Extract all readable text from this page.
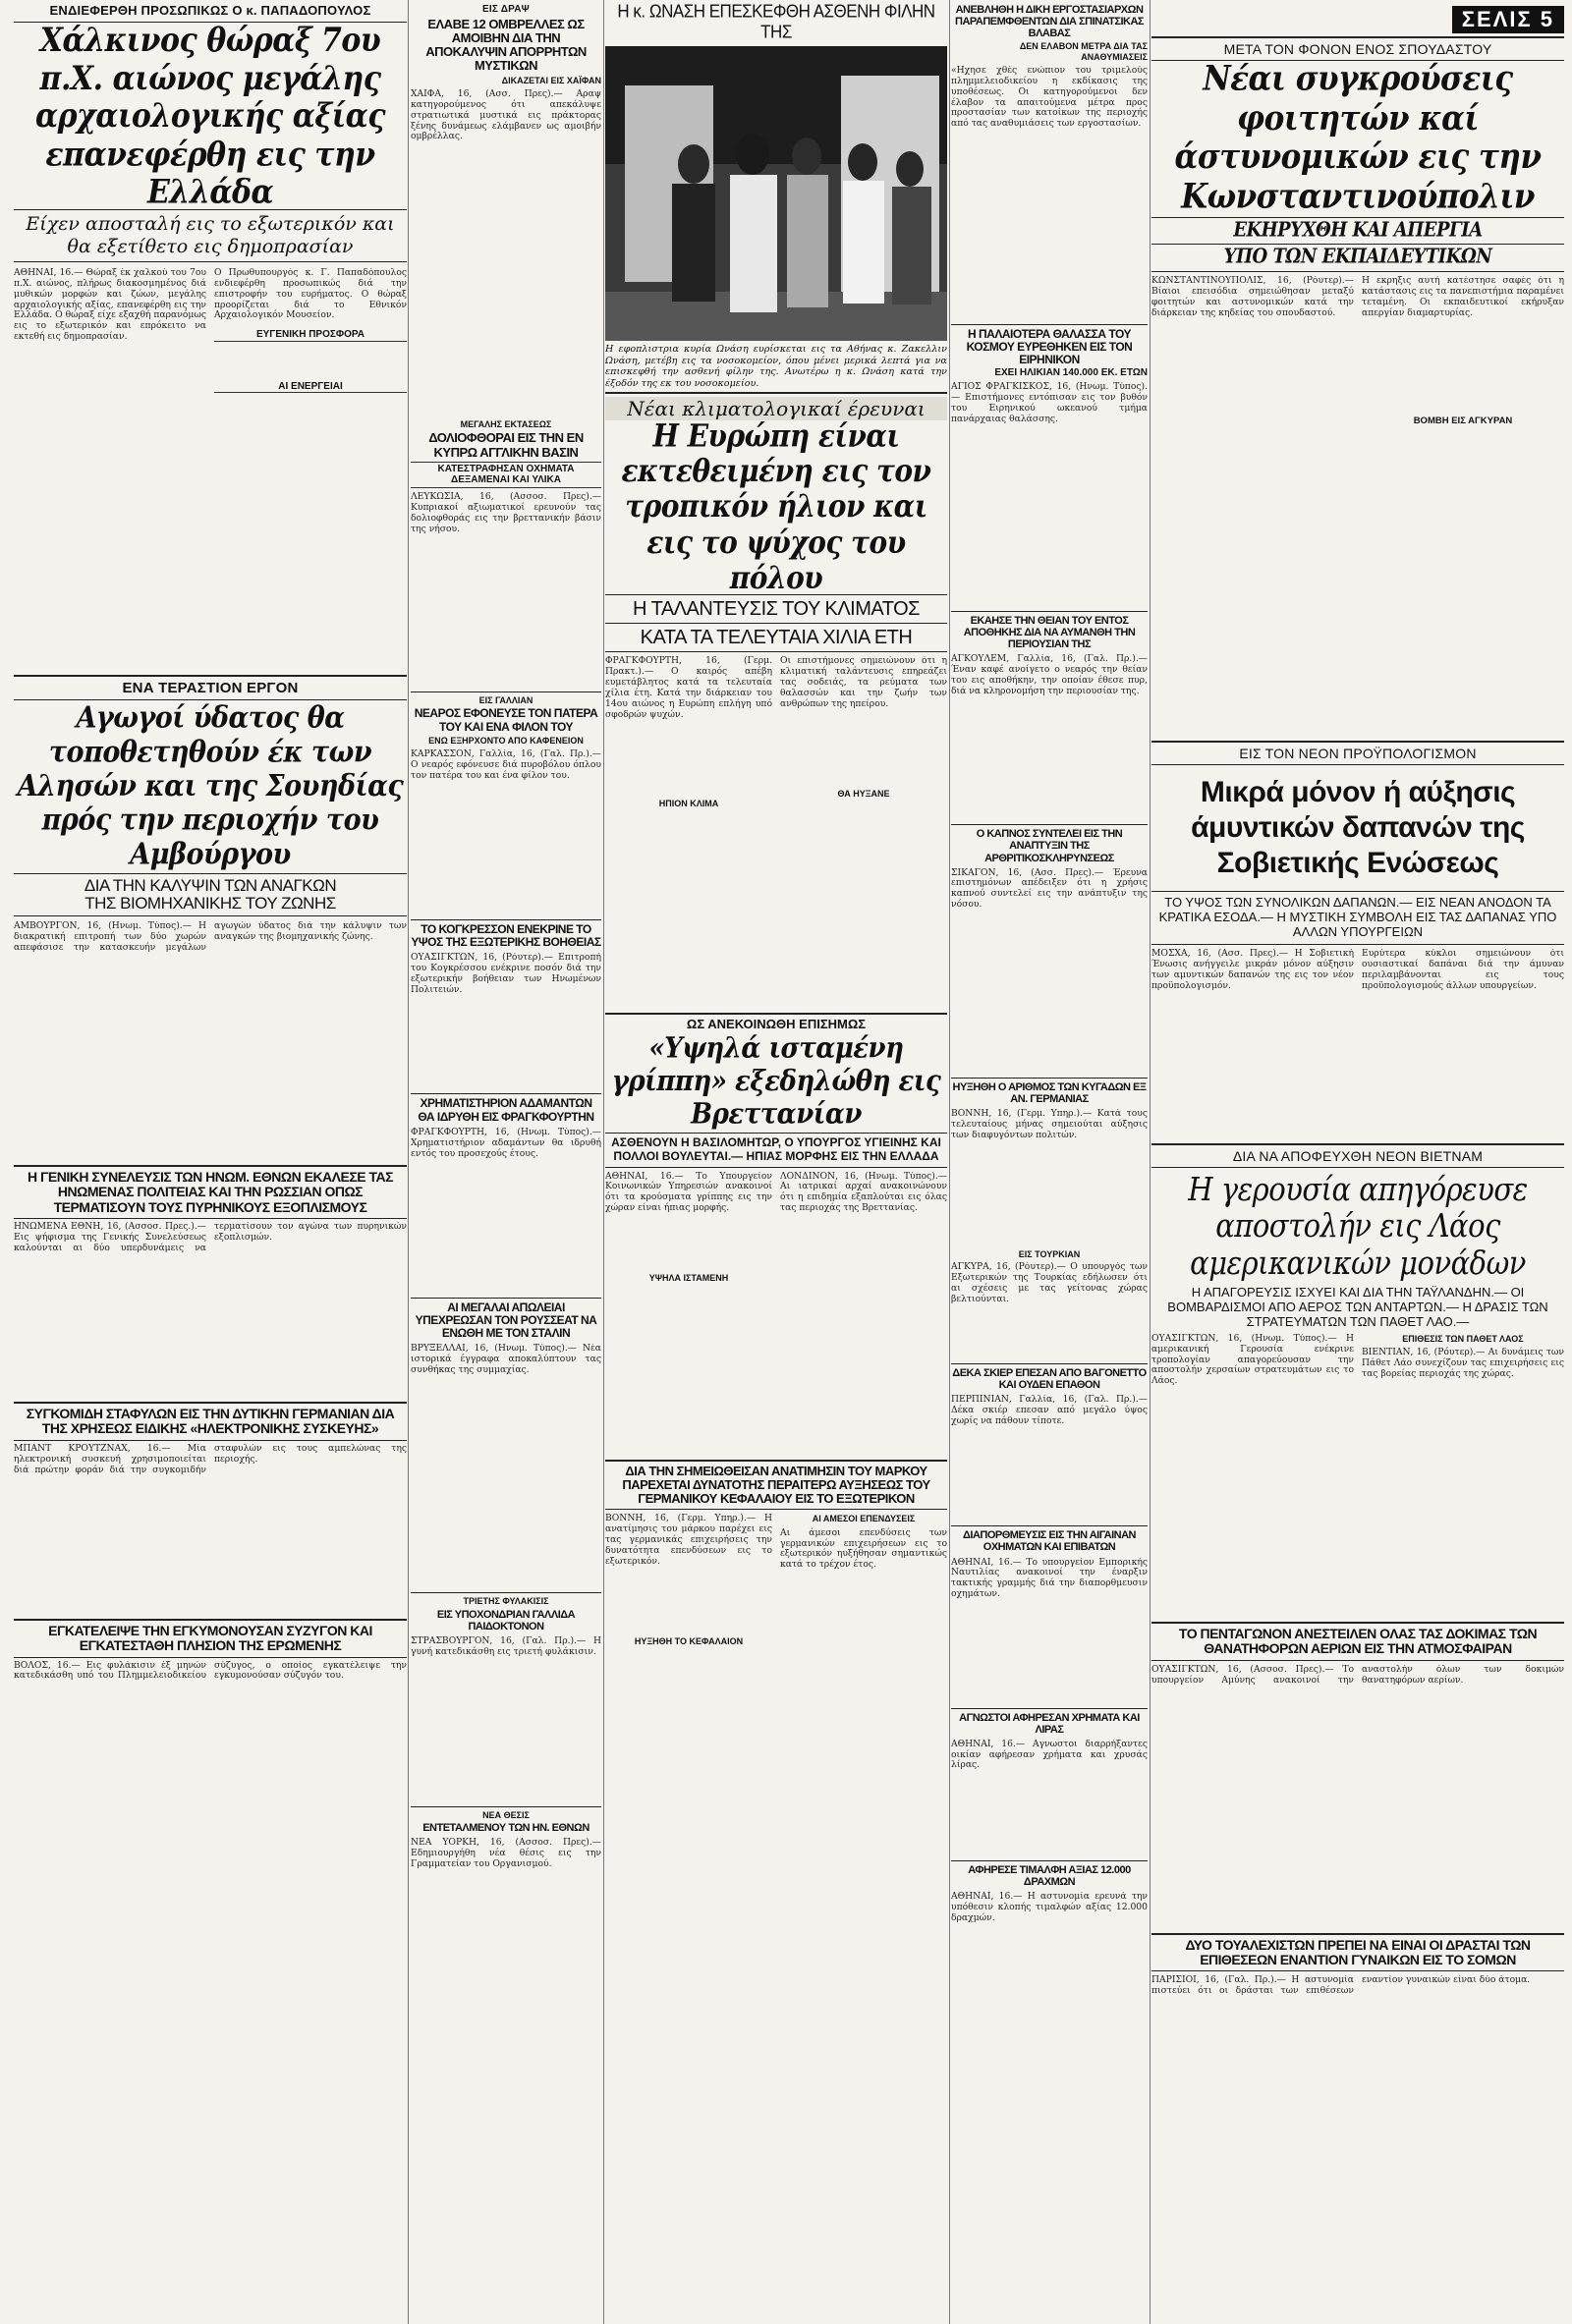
ΕΝΔΙΕΦΕΡΘΗ ΠΡΟΣΩΠΙΚΩΣ Ο κ. ΠΑΠΑΔΟΠΟΥΛΟΣ
Χάλκινος θώραξ 7ου π.Χ. αιώνος μεγάλης αρχαιολογικής αξίας επανεφέρθη εις την Ελλάδα
Είχεν αποσταλή εις το εξωτερικόν και θα εξετίθετο εις δημοπρασίαν
ΑΘΗΝΑΙ, 16.— Θώραξ έκ χαλκού του 7ου π.Χ. αιώνος, πλήρως διακοσμημένος διά μυθικών μορφών και ζώων, μεγάλης αρχαιολογικής αξίας, επανεφέρθη εις την Ελλάδα. Ο θώραξ είχε εξαχθή παρανόμως εις το εξωτερικόν και επρόκειτο να εκτεθή εις δημοπρασίαν.
Ο Πρωθυπουργός κ. Γ. Παπαδόπουλος ενδιεφέρθη προσωπικώς διά την επιστροφήν του ευρήματος. Ο θώραξ προορίζεται διά το Εθνικόν Αρχαιολογικόν Μουσείον.
ΕΥΓΕΝΙΚΗ ΠΡΟΣΦΟΡΑ
ΑΙ ΕΝΕΡΓΕΙΑΙ
ΕΝΑ ΤΕΡΑΣΤΙΟΝ ΕΡΓΟΝ
Αγωγοί ύδατος θα τοποθετηθούν έκ των Αλησών και της Σουηδίας πρός την περιοχήν του Αμβούργου
ΔΙΑ ΤΗΝ ΚΑΛΥΨΙΝ ΤΩΝ ΑΝΑΓΚΩΝ
ΤΗΣ ΒΙΟΜΗΧΑΝΙΚΗΣ ΤΟΥ ΖΩΝΗΣ
ΑΜΒΟΥΡΓΟΝ, 16, (Ηνωμ. Τύπος).— Η διακρατική επιτροπή των δύο χωρών απεφάσισε την κατασκευήν μεγάλων αγωγών ύδατος διά την κάλυψιν των αναγκών της βιομηχανικής ζώνης.
Η ΓΕΝΙΚΗ ΣΥΝΕΛΕΥΣΙΣ ΤΩΝ ΗΝΩΜ. ΕΘΝΩΝ ΕΚΑΛΕΣΕ ΤΑΣ ΗΝΩΜΕΝΑΣ ΠΟΛΙΤΕΙΑΣ ΚΑΙ ΤΗΝ ΡΩΣΣΙΑΝ ΟΠΩΣ ΤΕΡΜΑΤΙΣΟΥΝ ΤΟΥΣ ΠΥΡΗΝΙΚΟΥΣ ΕΞΟΠΛΙΣΜΟΥΣ
ΗΝΩΜΕΝΑ ΕΘΝΗ, 16, (Ασσοσ. Πρες.).— Εις ψήφισμα της Γενικής Συνελεύσεως καλούνται αι δύο υπερδυνάμεις να τερματίσουν τον αγώνα των πυρηνικών εξοπλισμών.
ΣΥΓΚΟΜΙΔΗ ΣΤΑΦΥΛΩΝ ΕΙΣ ΤΗΝ ΔΥΤΙΚΗΝ ΓΕΡΜΑΝΙΑΝ ΔΙΑ ΤΗΣ ΧΡΗΣΕΩΣ ΕΙΔΙΚΗΣ «ΗΛΕΚΤΡΟΝΙΚΗΣ ΣΥΣΚΕΥΗΣ»
ΜΠΑΝΤ ΚΡΟΥΤΖΝΑΧ, 16.— Μία ηλεκτρονική συσκευή χρησιμοποιείται διά πρώτην φοράν διά την συγκομιδήν σταφυλών εις τους αμπελώνας της περιοχής.
ΕΓΚΑΤΕΛΕΙΨΕ ΤΗΝ ΕΓΚΥΜΟΝΟΥΣΑΝ ΣΥΖΥΓΟΝ ΚΑΙ ΕΓΚΑΤΕΣΤΑΘΗ ΠΛΗΣΙΟΝ ΤΗΣ ΕΡΩΜΕΝΗΣ
ΒΟΛΟΣ, 16.— Εις φυλάκισιν έξ μηνών κατεδικάσθη υπό του Πλημμελειοδικείου σύζυγος, ο οποίος εγκατέλειψε την εγκυμονούσαν σύζυγόν του.
ΕΙΣ ΔΡΑΨ
ΕΛΑΒΕ 12 ΟΜΒΡΕΛΛΕΣ ΩΣ ΑΜΟΙΒΗΝ ΔΙΑ ΤΗΝ ΑΠΟΚΑΛΥΨΙΝ ΑΠΟΡΡΗΤΩΝ ΜΥΣΤΙΚΩΝ
ΔΙΚΑΖΕΤΑΙ ΕΙΣ ΧΑΪΦΑΝ
ΧΑΪΦΑ, 16, (Ασσ. Πρες).— Αραψ κατηγορούμενος ότι απεκάλυψε στρατιωτικά μυστικά εις πράκτορας ξένης δυνάμεως ελάμβανεν ως αμοιβήν ομβρέλλας.
ΜΕΓΑΛΗΣ ΕΚΤΑΣΕΩΣ
ΔΟΛΙΟΦΘΟΡΑΙ ΕΙΣ ΤΗΝ ΕΝ ΚΥΠΡΩ ΑΓΓΛΙΚΗΝ ΒΑΣΙΝ
ΚΑΤΕΣΤΡΑΦΗΣΑΝ ΟΧΗΜΑΤΑ ΔΕΞΑΜΕΝΑΙ ΚΑΙ ΥΛΙΚΑ
ΛΕΥΚΩΣΙΑ, 16, (Ασσοσ. Πρες).— Κυπριακοί αξιωματικοί ερευνούν τας δολιοφθοράς εις την βρεττανικήν βάσιν της νήσου.
ΕΙΣ ΓΑΛΛΙΑΝ
ΝΕΑΡΟΣ ΕΦΟΝΕΥΣΕ ΤΟΝ ΠΑΤΕΡΑ ΤΟΥ ΚΑΙ ΕΝΑ ΦΙΛΟΝ ΤΟΥ
ΕΝΩ ΕΞΗΡΧΟΝΤΟ ΑΠΟ ΚΑΦΕΝΕΙΟΝ
ΚΑΡΚΑΣΣΟΝ, Γαλλία, 16, (Γαλ. Πρ.).— Ο νεαρός εφόνευσε διά πυροβόλου όπλου τον πατέρα του και ένα φίλον του.
ΤΟ ΚΟΓΚΡΕΣΣΟΝ ΕΝΕΚΡΙΝΕ ΤΟ ΥΨΟΣ ΤΗΣ ΕΞΩΤΕΡΙΚΗΣ ΒΟΗΘΕΙΑΣ
ΟΥΑΣΙΓΚΤΩΝ, 16, (Ρόυτερ).— Επιτροπή του Κογκρέσσου ενέκρινε ποσόν διά την εξωτερικήν βοήθειαν των Ηνωμένων Πολιτειών.
ΧΡΗΜΑΤΙΣΤΗΡΙΟΝ ΑΔΑΜΑΝΤΩΝ ΘΑ ΙΔΡΥΘΗ ΕΙΣ ΦΡΑΓΚΦΟΥΡΤΗΝ
ΦΡΑΓΚΦΟΥΡΤΗ, 16, (Ηνωμ. Τύπος).— Χρηματιστήριον αδαμάντων θα ιδρυθή εντός του προσεχούς έτους.
ΑΙ ΜΕΓΑΛΑΙ ΑΠΩΛΕΙΑΙ ΥΠΕΧΡΕΩΣΑΝ ΤΟΝ ΡΟΥΣΣΕΑΤ ΝΑ ΕΝΩΘΗ ΜΕ ΤΟΝ ΣΤΑΛΙΝ
ΒΡΥΞΕΛΛΑΙ, 16, (Ηνωμ. Τύπος).— Νέα ιστορικά έγγραφα αποκαλύπτουν τας συνθήκας της συμμαχίας.
ΤΡΙΕΤΗΣ ΦΥΛΑΚΙΣΙΣ
ΕΙΣ ΥΠΟΧΟΝΔΡΙΑΝ ΓΑΛΛΙΔΑ ΠΑΙΔΟΚΤΟΝΟΝ
ΣΤΡΑΣΒΟΥΡΓΟΝ, 16, (Γαλ. Πρ.).— Η γυνή κατεδικάσθη εις τριετή φυλάκισιν.
ΝΕΑ ΘΕΣΙΣ
ΕΝΤΕΤΑΛΜΕΝΟΥ ΤΩΝ ΗΝ. ΕΘΝΩΝ
ΝΕΑ ΥΟΡΚΗ, 16, (Ασσοσ. Πρες).— Εδημιουργήθη νέα θέσις εις την Γραμματείαν του Οργανισμού.
Η κ. ΩΝΑΣΗ ΕΠΕΣΚΕΦΘΗ ΑΣΘΕΝΗ ΦΙΛΗΝ ΤΗΣ
Η εφοπλιστρια κυρία Ωνάση ευρίσκεται εις τα Αθήνας κ. Ζακελλιν Ωνάση, μετέβη εις τα νοσοκομείον, όπου μένει μερικά λεπτά για να επισκεφθή την ασθενή φίλην της. Ανωτέρω η κ. Ωνάση κατά την έξοδόν της εκ του νοσοκομείου.
Νέαι κλιματολογικαί έρευναι
Η Ευρώπη είναι εκτεθειμένη εις τον τροπικόν ήλιον και εις το ψύχος του πόλου
Η ΤΑΛΑΝΤΕΥΣΙΣ ΤΟΥ ΚΛΙΜΑΤΟΣ
ΚΑΤΑ ΤΑ ΤΕΛΕΥΤΑΙΑ ΧΙΛΙΑ ΕΤΗ
ΦΡΑΓΚΦΟΥΡΤΗ, 16, (Γερμ. Πρακτ.).— Ο καιρός απέβη ευμετάβλητος κατά τα τελευταία χίλια έτη. Κατά την διάρκειαν του 14ου αιώνος η Ευρώπη επλήγη υπό σφοδρών ψυχών.
ΗΠΙΟΝ ΚΛΙΜΑ
Οι επιστήμονες σημειώνουν ότι η κλιματική ταλάντευσις επηρεάζει τας σοδειάς, τα ρεύματα των θαλασσών και την ζωήν των ανθρώπων της ηπείρου.
ΘΑ ΗΥΞΑΝΕ
ΩΣ ΑΝΕΚΟΙΝΩΘΗ ΕΠΙΣΗΜΩΣ
«Υψηλά ισταμένη γρίππη» εξεδηλώθη εις Βρεττανίαν
ΑΣΘΕΝΟΥΝ Η ΒΑΣΙΛΟΜΗΤΩΡ, Ο ΥΠΟΥΡΓΟΣ ΥΓΙΕΙΝΗΣ ΚΑΙ ΠΟΛΛΟΙ ΒΟΥΛΕΥΤΑΙ.— ΗΠΙΑΣ ΜΟΡΦΗΣ ΕΙΣ ΤΗΝ ΕΛΛΑΔΑ
ΑΘΗΝΑΙ, 16.— Το Υπουργείον Κοινωνικών Υπηρεσιών ανακοινοί ότι τα κρούσματα γρίππης εις την χώραν είναι ήπιας μορφής.
ΥΨΗΛΑ ΙΣΤΑΜΕΝΗ
ΛΟΝΔΙΝΟΝ, 16, (Ηνωμ. Τύπος).— Αι ιατρικαί αρχαί ανακοινώνουν ότι η επιδημία εξαπλούται εις όλας τας περιοχάς της Βρεττανίας.
ΔΙΑ ΤΗΝ ΣΗΜΕΙΩΘΕΙΣΑΝ ΑΝΑΤΙΜΗΣΙΝ ΤΟΥ ΜΑΡΚΟΥ ΠΑΡΕΧΕΤΑΙ ΔΥΝΑΤΟΤΗΣ ΠΕΡΑΙΤΕΡΩ ΑΥΞΗΣΕΩΣ ΤΟΥ ΓΕΡΜΑΝΙΚΟΥ ΚΕΦΑΛΑΙΟΥ ΕΙΣ ΤΟ ΕΞΩΤΕΡΙΚΟΝ
ΒΟΝΝΗ, 16, (Γερμ. Υπηρ.).— Η ανατίμησις του μάρκου παρέχει εις τας γερμανικάς επιχειρήσεις την δυνατότητα επενδύσεων εις το εξωτερικόν.
ΗΥΞΗΘΗ ΤΟ ΚΕΦΑΛΑΙΟΝ
ΑΙ ΑΜΕΣΟΙ ΕΠΕΝΔΥΣΕΙΣ
Αι άμεσοι επενδύσεις των γερμανικών επιχειρήσεων εις το εξωτερικόν ηυξήθησαν σημαντικώς κατά το τρέχον έτος.
ΑΝΕΒΛΗΘΗ Η ΔΙΚΗ ΕΡΓΟΣΤΑΣΙΑΡΧΩΝ ΠΑΡΑΠΕΜΦΘΕΝΤΩΝ ΔΙΑ ΣΠΙΝΑΤΣΙΚΑΣ ΒΛΑΒΑΣ
ΔΕΝ ΕΛΑΒΟΝ ΜΕΤΡΑ ΔΙΑ ΤΑΣ ΑΝΑΘΥΜΙΑΣΕΙΣ
«Ηχησε χθές ενώπιον του τριμελούς πλημμελειοδικείου η εκδίκασις της υποθέσεως. Οι κατηγορούμενοι δεν έλαβον τα απαιτούμενα μέτρα προς προστασίαν των κατοίκων της περιοχής από τας αναθυμιάσεις των εργοστασίων.
Η ΠΑΛΑΙΟΤΕΡΑ ΘΑΛΑΣΣΑ ΤΟΥ ΚΟΣΜΟΥ ΕΥΡΕΘΗΚΕΝ ΕΙΣ ΤΟΝ ΕΙΡΗΝΙΚΟΝ
ΕΧΕΙ ΗΛΙΚΙΑΝ 140.000 ΕΚ. ΕΤΩΝ
ΑΓΙΟΣ ΦΡΑΓΚΙΣΚΟΣ, 16, (Ηνωμ. Τύπος).— Επιστήμονες εντόπισαν εις τον βυθόν του Ειρηνικού ωκεανού τμήμα πανάρχαιας θαλάσσης.
ΕΚΑΗΣΕ ΤΗΝ ΘΕΙΑΝ ΤΟΥ ΕΝΤΟΣ ΑΠΟΘΗΚΗΣ ΔΙΑ ΝΑ ΑΥΜΑΝΘΗ ΤΗΝ ΠΕΡΙΟΥΣΙΑΝ ΤΗΣ
ΑΓΚΟΥΛΕΜ, Γαλλία, 16, (Γαλ. Πρ.).— Έναν καφέ ανοίγετο ο νεαρός την θείαν του εις αποθήκην, την οποίαν έθεσε πυρ, διά να κληρονομήση την περιουσίαν της.
Ο ΚΑΠΝΟΣ ΣΥΝΤΕΛΕΙ ΕΙΣ ΤΗΝ ΑΝΑΠΤΥΞΙΝ ΤΗΣ ΑΡΘΡΙΤΙΚΟΣΚΛΗΡΥΝΣΕΩΣ
ΣΙΚΑΓΟΝ, 16, (Ασσ. Πρες).— Έρευνα επιστημόνων απέδειξεν ότι η χρήσις καπνού συντελεί εις την ανάπτυξιν της νόσου.
ΗΥΞΗΘΗ Ο ΑΡΙΘΜΟΣ ΤΩΝ ΚΥΓΑΔΩΝ ΕΞ ΑΝ. ΓΕΡΜΑΝΙΑΣ
ΒΟΝΝΗ, 16, (Γερμ. Υπηρ.).— Κατά τους τελευταίους μήνας σημειούται αύξησις των διαφυγόντων πολιτών.
ΕΙΣ ΤΟΥΡΚΙΑΝ
ΑΓΚΥΡΑ, 16, (Ρόυτερ).— Ο υπουργός των Εξωτερικών της Τουρκίας εδήλωσεν ότι αι σχέσεις με τας γείτονας χώρας βελτιούνται.
ΔΕΚΑ ΣΚΙΕΡ ΕΠΕΣΑΝ ΑΠΟ ΒΑΓΟΝΕΤΤΟ ΚΑΙ ΟΥΔΕΝ ΕΠΑΘΟΝ
ΠΕΡΠΙΝΙΑΝ, Γαλλία, 16, (Γαλ. Πρ.).— Δέκα σκιέρ επεσαν από μεγάλο ύψος χωρίς να πάθουν τίποτε.
ΔΙΑΠΟΡΘΜΕΥΣΙΣ ΕΙΣ ΤΗΝ ΑΙΓΑΙΝΑΝ ΟΧΗΜΑΤΩΝ ΚΑΙ ΕΠΙΒΑΤΩΝ
ΑΘΗΝΑΙ, 16.— Το υπουργείον Εμπορικής Ναυτιλίας ανακοινοί την έναρξιν τακτικής γραμμής διά την διαπορθμευσιν οχημάτων.
ΑΓΝΩΣΤΟΙ ΑΦΗΡΕΣΑΝ ΧΡΗΜΑΤΑ ΚΑΙ ΛΙΡΑΣ
ΑΘΗΝΑΙ, 16.— Αγνωστοι διαρρήξαντες οικίαν αφήρεσαν χρήματα και χρυσάς λίρας.
ΑΦΗΡΕΣΕ ΤΙΜΑΛΦΗ ΑΞΙΑΣ 12.000 ΔΡΑΧΜΩΝ
ΑΘΗΝΑΙ, 16.— Η αστυνομία ερευνά την υπόθεσιν κλοπής τιμαλφών αξίας 12.000 δραχμών.
ΣΕΛΙΣ 5
ΜΕΤΑ ΤΟΝ ΦΟΝΟΝ ΕΝΟΣ ΣΠΟΥΔΑΣΤΟΥ
Νέαι συγκρούσεις φοιτητών καί άστυνομικών εις την Κωνσταντινούπολιν
ΕΚΗΡΥΧΘΗ ΚΑΙ ΑΠΕΡΓΙΑ
ΥΠΟ ΤΩΝ ΕΚΠΑΙΔΕΥΤΙΚΩΝ
ΚΩΝΣΤΑΝΤΙΝΟΥΠΟΛΙΣ, 16, (Ρόυτερ).— Βίαιοι επεισόδια σημειώθησαν μεταξύ φοιτητών και αστυνομικών κατά την διάρκειαν της κηδείας του σπουδαστού.
Η εκρηξις αυτή κατέστησε σαφές ότι η κατάστασις εις τα πανεπιστήμια παραμένει τεταμένη. Οι εκπαιδευτικοί εκήρυξαν απεργίαν διαμαρτυρίας.
ΒΟΜΒΗ ΕΙΣ ΑΓΚΥΡΑΝ
ΕΙΣ ΤΟΝ ΝΕΟΝ ΠΡΟΫΠΟΛΟΓΙΣΜΟΝ
Μικρά μόνον ή αύξησις άμυντικών δαπανών της Σοβιετικής Ενώσεως
ΤΟ ΥΨΟΣ ΤΩΝ ΣΥΝΟΛΙΚΩΝ ΔΑΠΑΝΩΝ.— ΕΙΣ ΝΕΑΝ ΑΝΟΔΟΝ ΤΑ ΚΡΑΤΙΚΑ ΕΣΟΔΑ.— Η ΜΥΣΤΙΚΗ ΣΥΜΒΟΛΗ ΕΙΣ ΤΑΣ ΔΑΠΑΝΑΣ ΥΠΟ ΑΛΛΩΝ ΥΠΟΥΡΓΕΙΩΝ
ΜΟΣΧΑ, 16, (Ασσ. Πρες).— Η Σοβιετική Ένωσις ανήγγειλε μικράν μόνον αύξησιν των αμυντικών δαπανών της εις τον νέον προϋπολογισμόν.
Ευρύτερα κύκλοι σημειώνουν ότι ουσιαστικαί δαπάναι διά την άμυναν περιλαμβάνονται εις τους προϋπολογισμούς άλλων υπουργείων.
ΔΙΑ ΝΑ ΑΠΟΦΕΥΧΘΗ ΝΕΟΝ ΒΙΕΤΝΑΜ
Η γερουσία απηγόρευσε αποστολήν εις Λάος αμερικανικών μονάδων
Η ΑΠΑΓΟΡΕΥΣΙΣ ΙΣΧΥΕΙ ΚΑΙ ΔΙΑ ΤΗΝ ΤΑΫΛΑΝΔΗΝ.— ΟΙ ΒΟΜΒΑΡΔΙΣΜΟΙ ΑΠΟ ΑΕΡΟΣ ΤΩΝ ΑΝΤΑΡΤΩΝ.— Η ΔΡΑΣΙΣ ΤΩΝ ΣΤΡΑΤΕΥΜΑΤΩΝ ΤΩΝ ΠΑΘΕΤ ΛΑΟ.—
ΟΥΑΣΙΓΚΤΩΝ, 16, (Ηνωμ. Τύπος).— Η αμερικανική Γερουσία ενέκρινε τροπολογίαν απαγορεύουσαν την αποστολήν χερσαίων στρατευμάτων εις το Λάος.
ΕΠΙΘΕΣΙΣ ΤΩΝ ΠΑΘΕΤ ΛΑΟΣ
ΒΙΕΝΤΙΑΝ, 16, (Ρόυτερ).— Αι δυνάμεις των Πάθετ Λάο συνεχίζουν τας επιχειρήσεις εις τας βορείας περιοχάς της χώρας.
ΤΟ ΠΕΝΤΑΓΩΝΟΝ ΑΝΕΣΤΕΙΛΕΝ ΟΛΑΣ ΤΑΣ ΔΟΚΙΜΑΣ ΤΩΝ ΘΑΝΑΤΗΦΟΡΩΝ ΑΕΡΙΩΝ ΕΙΣ ΤΗΝ ΑΤΜΟΣΦΑΙΡΑΝ
ΟΥΑΣΙΓΚΤΩΝ, 16, (Ασσοσ. Πρες).— Το υπουργείον Αμύνης ανακοινοί την αναστολήν όλων των δοκιμών θανατηφόρων αερίων.
ΔΥΟ ΤΟΥΑΛΕΧΙΣΤΩΝ ΠΡΕΠΕΙ ΝΑ ΕΙΝΑΙ ΟΙ ΔΡΑΣΤΑΙ ΤΩΝ ΕΠΙΘΕΣΕΩΝ ΕΝΑΝΤΙΟΝ ΓΥΝΑΙΚΩΝ ΕΙΣ ΤΟ ΣΟΜΩΝ
ΠΑΡΙΣΙΟΙ, 16, (Γαλ. Πρ.).— Η αστυνομία πιστεύει ότι οι δράσται των επιθέσεων εναντίον γυναικών είναι δύο άτομα.
